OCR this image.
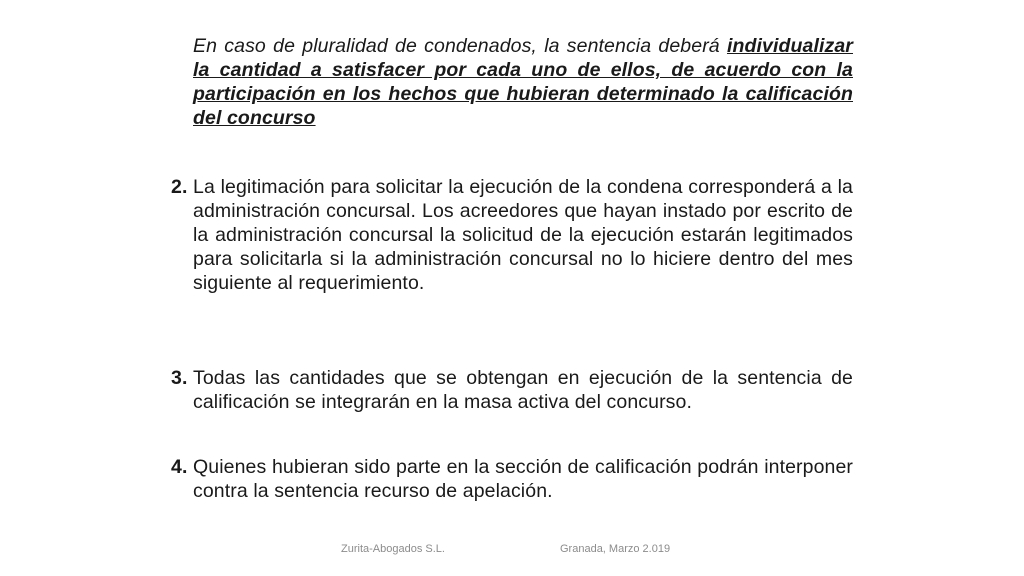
En caso de pluralidad de condenados, la sentencia deberá individualizar la cantidad a satisfacer por cada uno de ellos, de acuerdo con la participación en los hechos que hubieran determinado la calificación del concurso
2. La legitimación para solicitar la ejecución de la condena corresponderá a la administración concursal. Los acreedores que hayan instado por escrito de la administración concursal la solicitud de la ejecución estarán legitimados para solicitarla si la administración concursal no lo hiciere dentro del mes siguiente al requerimiento.
3. Todas las cantidades que se obtengan en ejecución de la sentencia de calificación se integrarán en la masa activa del concurso.
4. Quienes hubieran sido parte en la sección de calificación podrán interponer contra la sentencia recurso de apelación.
Zurita-Abogados S.L.	Granada, Marzo 2.019
